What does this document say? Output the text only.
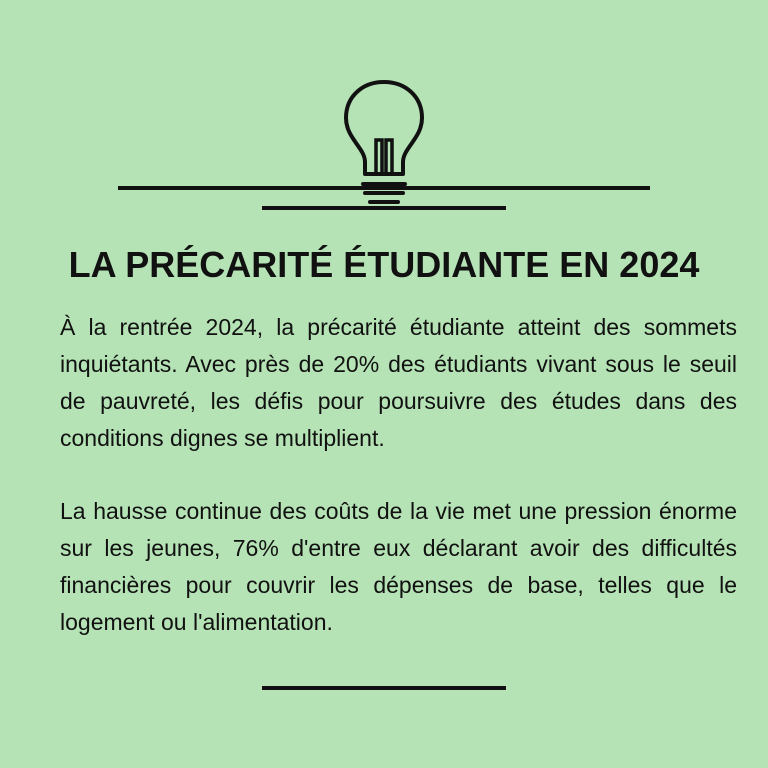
LA PRÉCARITÉ ÉTUDIANTE EN 2024

À la rentrée 2024, la précarité étudiante atteint des sommets inquiétants. Avec près de 20% des étudiants vivant sous le seuil de pauvreté, les défis pour poursuivre des études dans des conditions dignes se multiplient.

La hausse continue des coûts de la vie met une pression énorme sur les jeunes, 76% d'entre eux déclarant avoir des difficultés financières pour couvrir les dépenses de base, telles que le logement ou l'alimentation.
